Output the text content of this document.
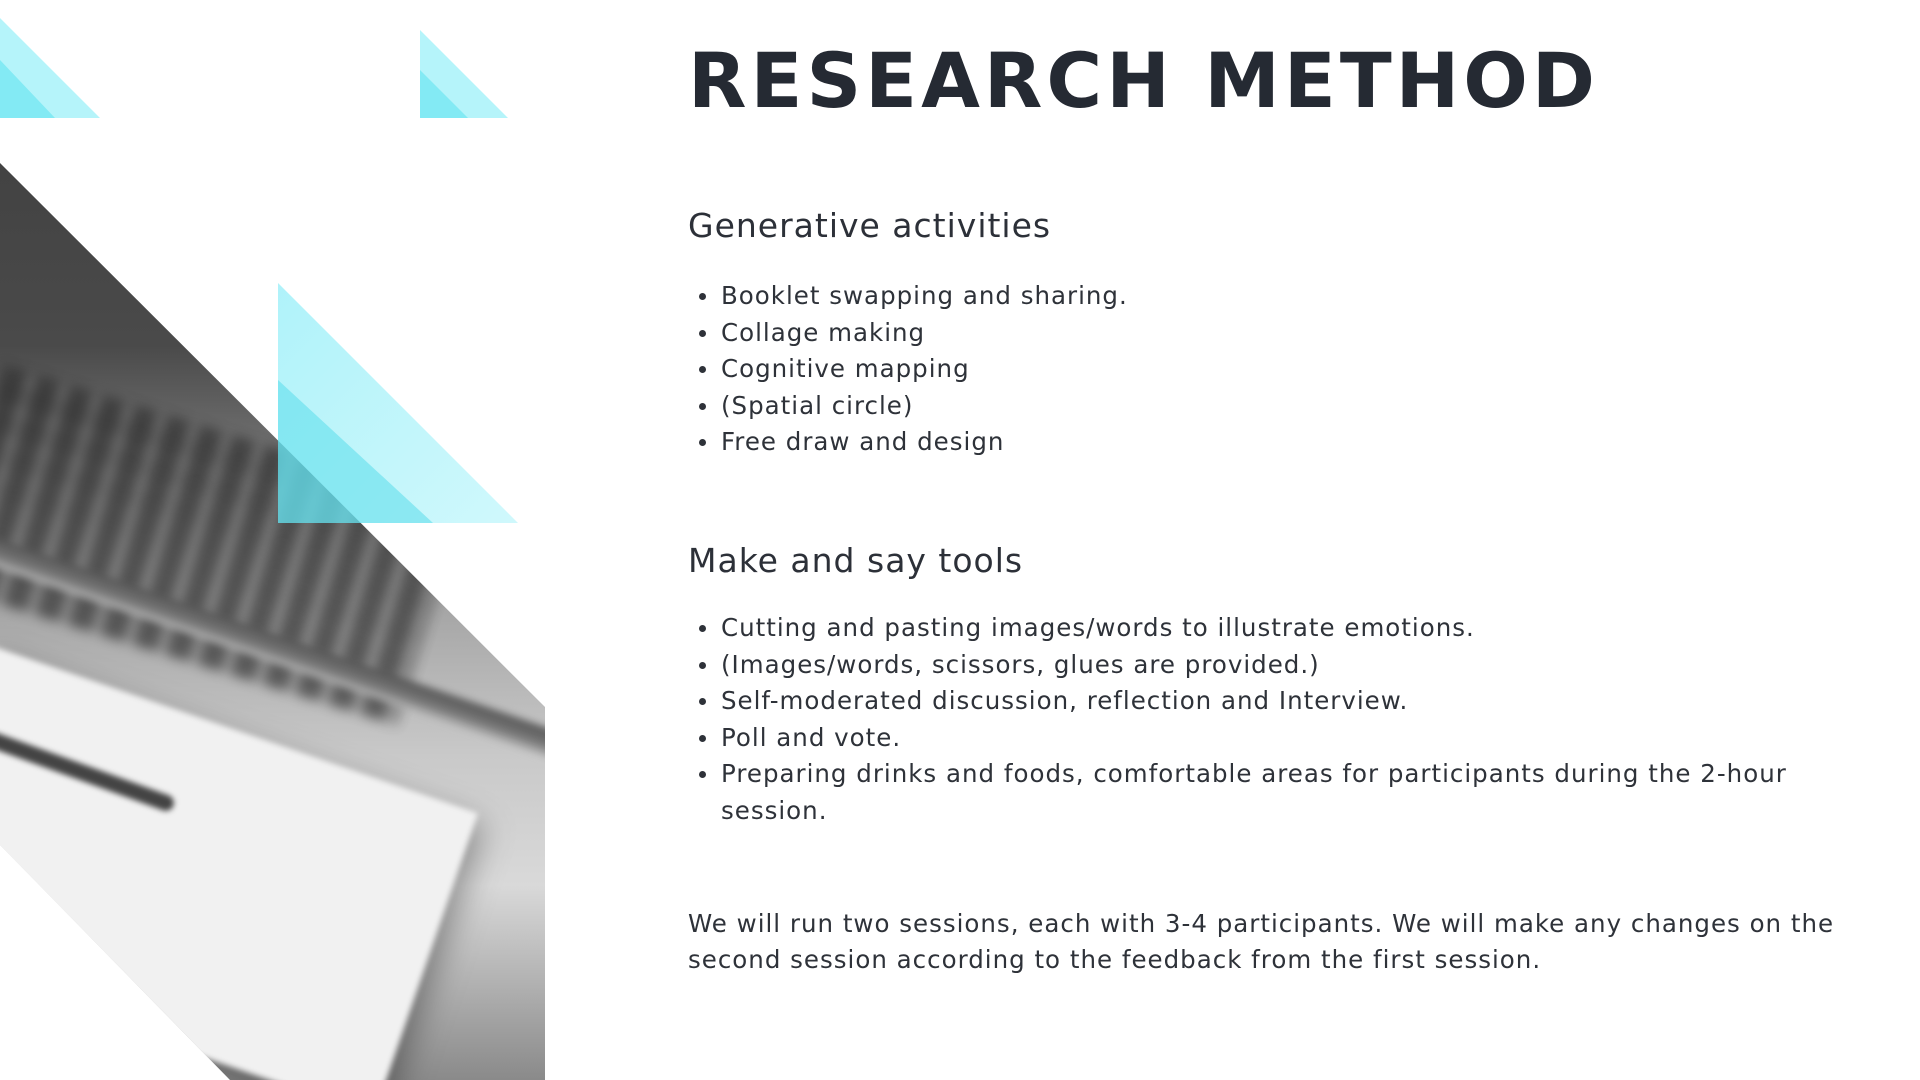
RESEARCH METHOD
Generative activities
Booklet swapping and sharing.
Collage making
Cognitive mapping
(Spatial circle)
Free draw and design
Make and say tools
Cutting and pasting images/words to illustrate emotions.
(Images/words, scissors, glues are provided.)
Self-moderated discussion, reflection and Interview.
Poll and vote.
Preparing drinks and foods, comfortable areas for participants during the 2-hour session.

We will run two sessions, each with 3-4 participants. We will make any changes on the second session according to the feedback from the first session.
